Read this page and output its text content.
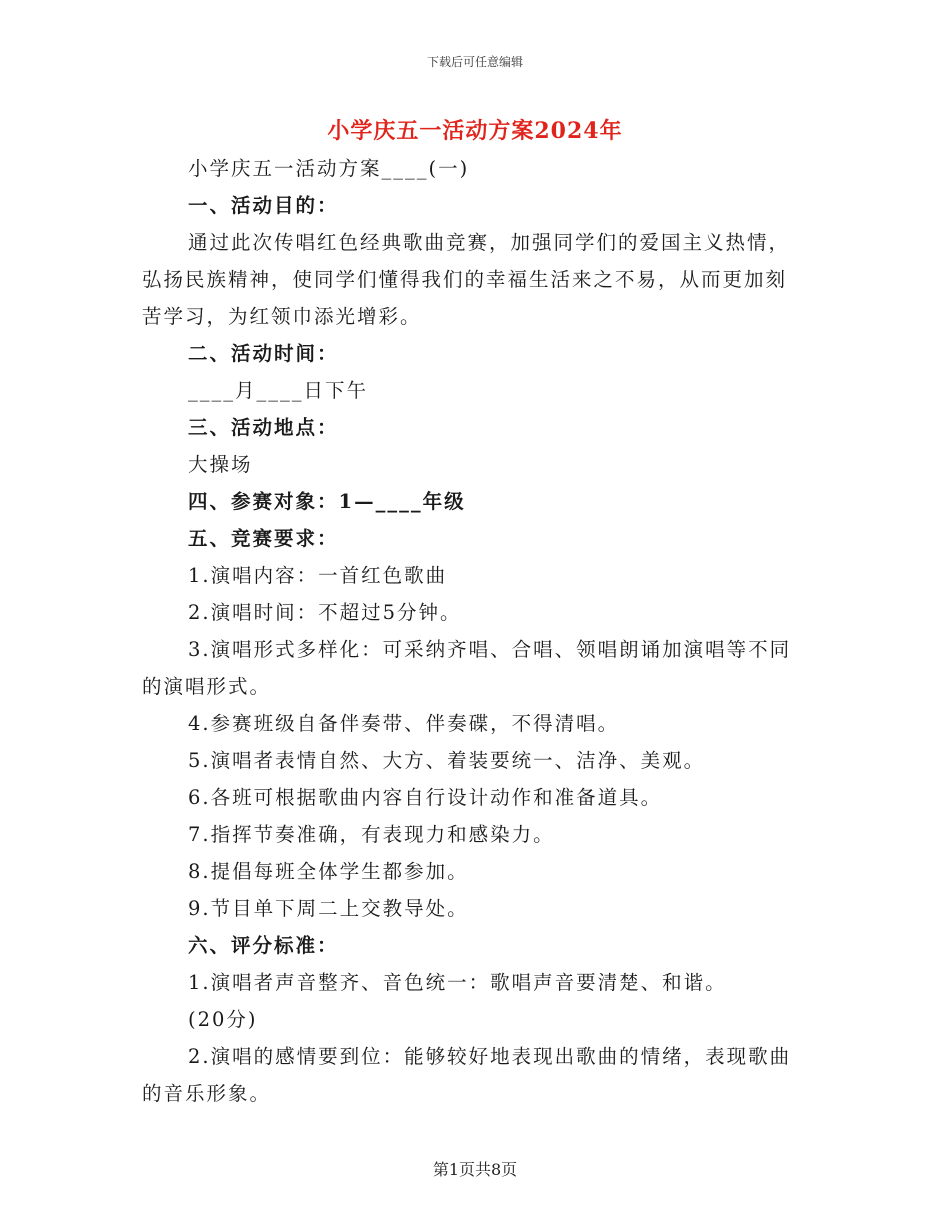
下载后可任意编辑
小学庆五一活动方案2024年

小学庆五一活动方案____(一)

一、活动目的：

通过此次传唱红色经典歌曲竞赛，加强同学们的爱国主义热情，弘扬民族精神，使同学们懂得我们的幸福生活来之不易，从而更加刻苦学习，为红领巾添光增彩。

二、活动时间：

____月____日下午

三、活动地点：

大操场

四、参赛对象：1—____年级

五、竞赛要求：

1.演唱内容：一首红色歌曲

2.演唱时间：不超过5分钟。

3.演唱形式多样化：可采纳齐唱、合唱、领唱朗诵加演唱等不同的演唱形式。

4.参赛班级自备伴奏带、伴奏碟，不得清唱。

5.演唱者表情自然、大方、着装要统一、洁净、美观。

6.各班可根据歌曲内容自行设计动作和准备道具。

7.指挥节奏准确，有表现力和感染力。

8.提倡每班全体学生都参加。

9.节目单下周二上交教导处。

六、评分标准：

1.演唱者声音整齐、音色统一：歌唱声音要清楚、和谐。

(20分)

2.演唱的感情要到位：能够较好地表现出歌曲的情绪，表现歌曲的音乐形象。

第1页共8页
